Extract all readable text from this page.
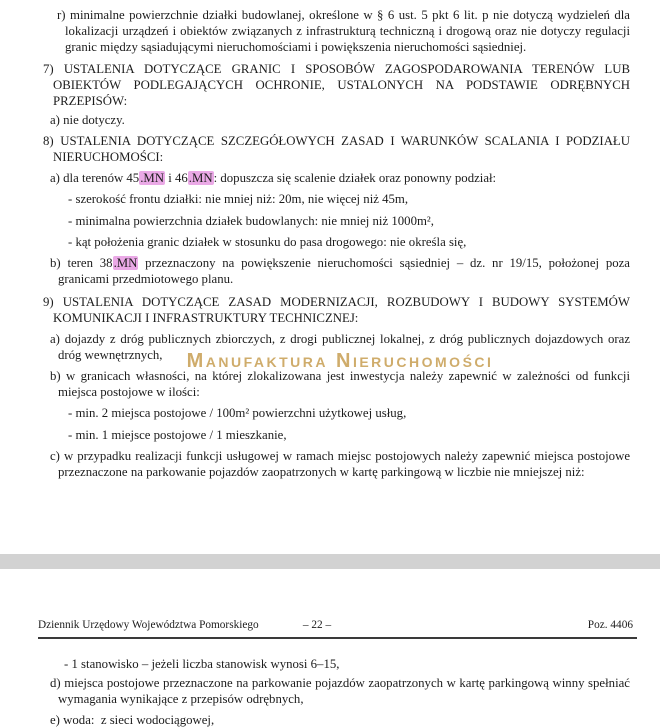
Manufaktura Nieruchomości
r) minimalne powierzchnie działki budowlanej, określone w § 6 ust. 5 pkt 6 lit. p nie dotyczą wydzieleń dla lokalizacji urządzeń i obiektów związanych z infrastrukturą techniczną i drogową oraz nie dotyczy regulacji granic między sąsiadującymi nieruchomościami i powiększenia nieruchomości sąsiedniej.
7) USTALENIA DOTYCZĄCE GRANIC I SPOSOBÓW ZAGOSPODAROWANIA TERENÓW LUB OBIEKTÓW PODLEGAJĄCYCH OCHRONIE, USTALONYCH NA PODSTAWIE ODRĘBNYCH PRZEPISÓW:
a) nie dotyczy.
8) USTALENIA DOTYCZĄCE SZCZEGÓŁOWYCH ZASAD I WARUNKÓW SCALANIA I PODZIAŁU NIERUCHOMOŚCI:
a) dla terenów 45.MN i 46.MN: dopuszcza się scalenie działek oraz ponowny podział:
- szerokość frontu działki: nie mniej niż: 20m, nie więcej niż 45m,
- minimalna powierzchnia działek budowlanych: nie mniej niż 1000m²,
- kąt położenia granic działek w stosunku do pasa drogowego: nie określa się,
b) teren 38.MN przeznaczony na powiększenie nieruchomości sąsiedniej – dz. nr 19/15, położonej poza granicami przedmiotowego planu.
9) USTALENIA DOTYCZĄCE ZASAD MODERNIZACJI, ROZBUDOWY I BUDOWY SYSTEMÓW KOMUNIKACJI I INFRASTRUKTURY TECHNICZNEJ:
a) dojazdy z dróg publicznych zbiorczych, z drogi publicznej lokalnej, z dróg publicznych dojazdowych oraz dróg wewnętrznych,
b) w granicach własności, na której zlokalizowana jest inwestycja należy zapewnić w zależności od funkcji miejsca postojowe w ilości:
- min. 2 miejsca postojowe / 100m² powierzchni użytkowej usług,
- min. 1 miejsce postojowe / 1 mieszkanie,
c) w przypadku realizacji funkcji usługowej w ramach miejsc postojowych należy zapewnić miejsca postojowe przeznaczone na parkowanie pojazdów zaopatrzonych w kartę parkingową w liczbie nie mniejszej niż:
Dziennik Urzędowy Województwa Pomorskiego	– 22 –	Poz. 4406
- 1 stanowisko – jeżeli liczba stanowisk wynosi 6–15,
d) miejsca postojowe przeznaczone na parkowanie pojazdów zaopatrzonych w kartę parkingową winny spełniać wymagania wynikające z przepisów odrębnych,
e) woda:  z sieci wodociągowej,
